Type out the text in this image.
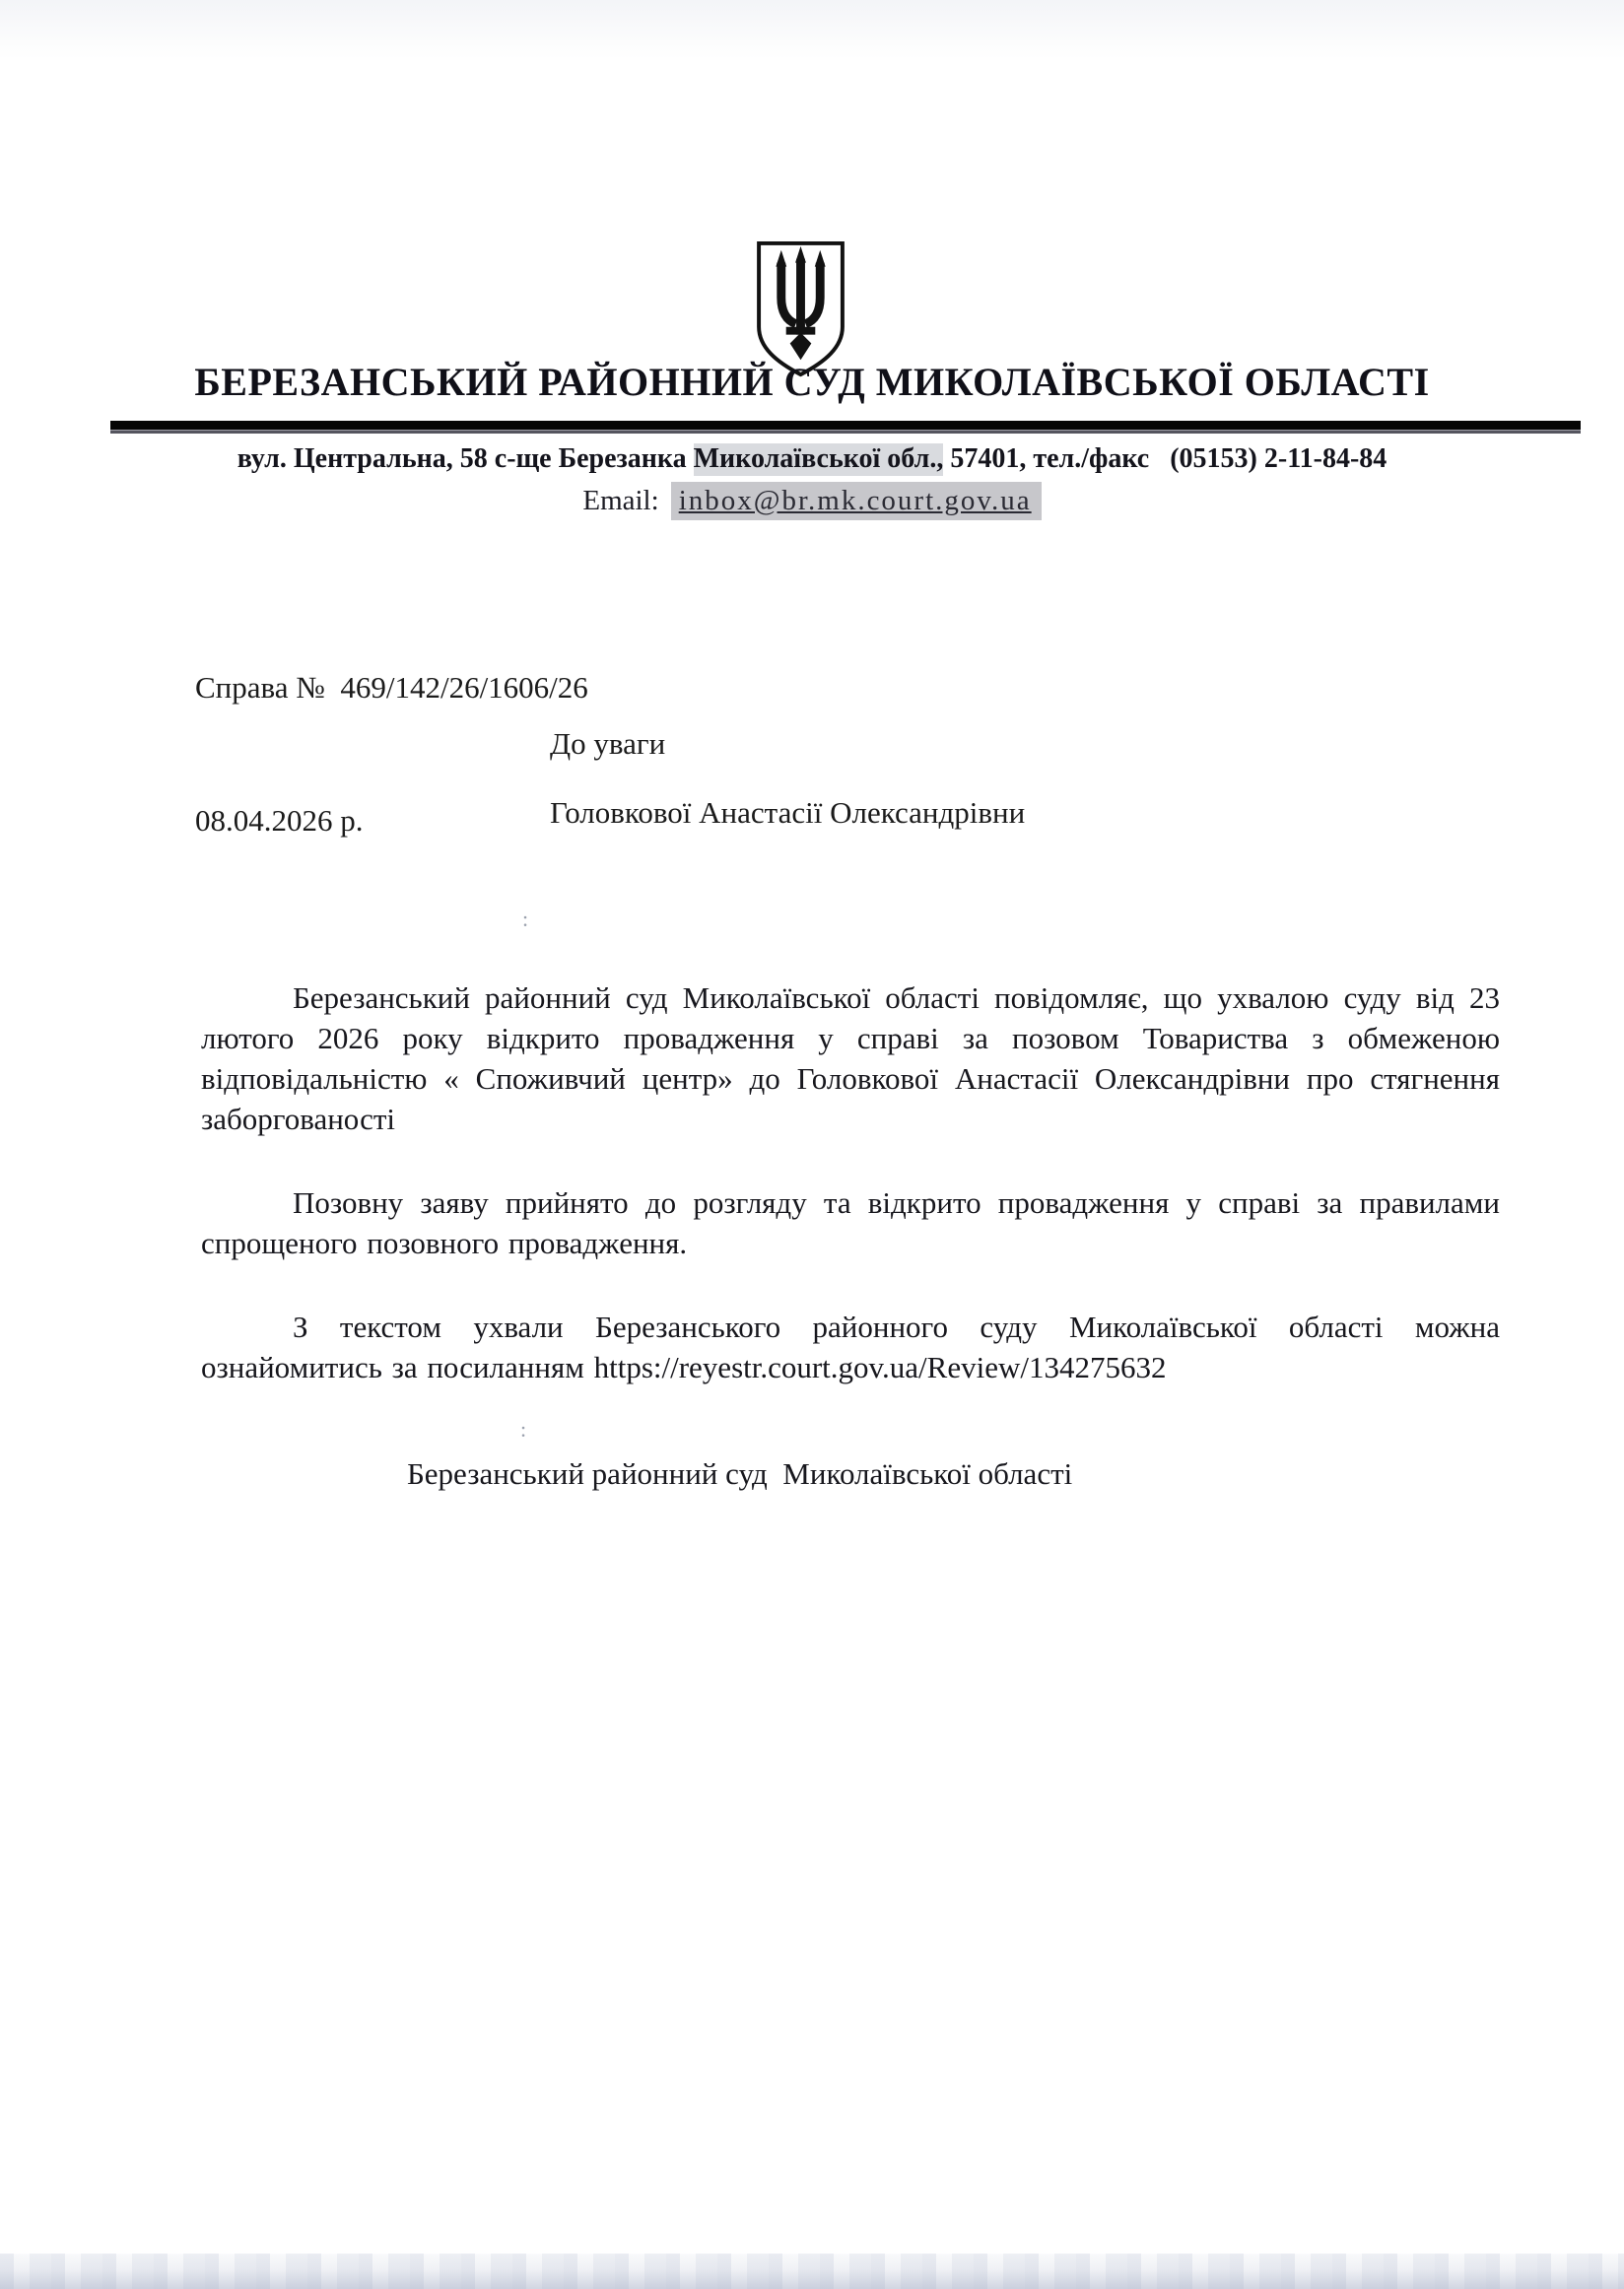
БЕРЕЗАНСЬКИЙ РАЙОННИЙ СУД МИКОЛАЇВСЬКОЇ ОБЛАСТІ
вул. Центральна, 58 с-ще Березанка Миколаївської обл., 57401, тел./факс   (05153) 2-11-84-84
Email: inbox@br.mk.court.gov.ua

Справа №  469/142/26/1606/26

08.04.2026 р.

До уваги
Головкової Анастасії Олександрівни
:

Березанський районний суд Миколаївської області повідомляє, що ухвалою суду від 23 лютого 2026 року відкрито провадження у справі за позовом Товариства з обмеженою відповідальністю « Споживчий центр» до Головкової Анастасії Олександрівни про стягнення заборгованості

Позовну заяву прийнято до розгляду та відкрито провадження у справі за правилами спрощеного позовного провадження.

З текстом ухвали Березанського районного суду Миколаївської області можна ознайомитись за посиланням https://reyestr.court.gov.ua/Review/134275632

:
Березанський районний суд  Миколаївської області
